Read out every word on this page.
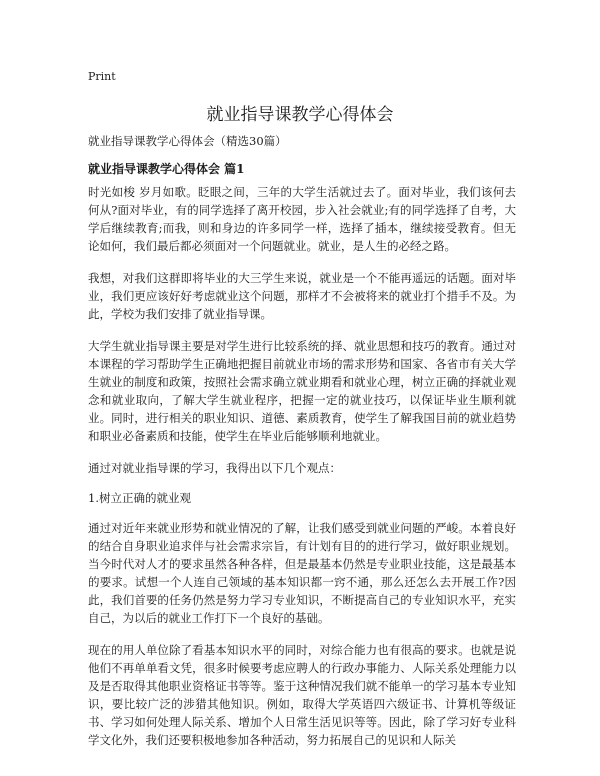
Print
就业指导课教学心得体会

就业指导课教学心得体会（精选30篇）

就业指导课教学心得体会 篇1

时光如梭 岁月如歌。眨眼之间，三年的大学生活就过去了。面对毕业，我们该何去何从?面对毕业，有的同学选择了离开校园，步入社会就业;有的同学选择了自考，大学后继续教育;而我，则和身边的许多同学一样，选择了插本，继续接受教育。但无论如何，我们最后都必须面对一个问题就业。就业，是人生的必经之路。

我想，对我们这群即将毕业的大三学生来说，就业是一个不能再遥远的话题。面对毕业，我们更应该好好考虑就业这个问题，那样才不会被将来的就业打个措手不及。为此，学校为我们安排了就业指导课。

大学生就业指导课主要是对学生进行比较系统的择、就业思想和技巧的教育。通过对本课程的学习帮助学生正确地把握目前就业市场的需求形势和国家、各省市有关大学生就业的制度和政策，按照社会需求确立就业期看和就业心理，树立正确的择就业观念和就业取向，了解大学生就业程序，把握一定的就业技巧，以保证毕业生顺利就业。同时，进行相关的职业知识、道德、素质教育，使学生了解我国目前的就业趋势和职业必备素质和技能，使学生在毕业后能够顺利地就业。

通过对就业指导课的学习，我得出以下几个观点：

1.树立正确的就业观

通过对近年来就业形势和就业情况的了解，让我们感受到就业问题的严峻。本着良好的结合自身职业追求伴与社会需求宗旨，有计划有目的的进行学习，做好职业规划。当今时代对人才的要求虽然各种各样，但是最基本仍然是专业职业技能，这是最基本的要求。试想一个人连自己领域的基本知识都一窍不通，那么还怎么去开展工作?因此，我们首要的任务仍然是努力学习专业知识，不断提高自己的专业知识水平，充实自己，为以后的就业工作打下一个良好的基础。

现在的用人单位除了看基本知识水平的同时，对综合能力也有很高的要求。也就是说他们不再单单看文凭，很多时候要考虑应聘人的行政办事能力、人际关系处理能力以及是否取得其他职业资格证书等等。鉴于这种情况我们就不能单一的学习基本专业知识，要比较广泛的涉猎其他知识。例如，取得大学英语四六级证书、计算机等级证书、学习如何处理人际关系、增加个人日常生活见识等等。因此，除了学习好专业科学文化外，我们还要积极地参加各种活动，努力拓展自己的见识和人际关
